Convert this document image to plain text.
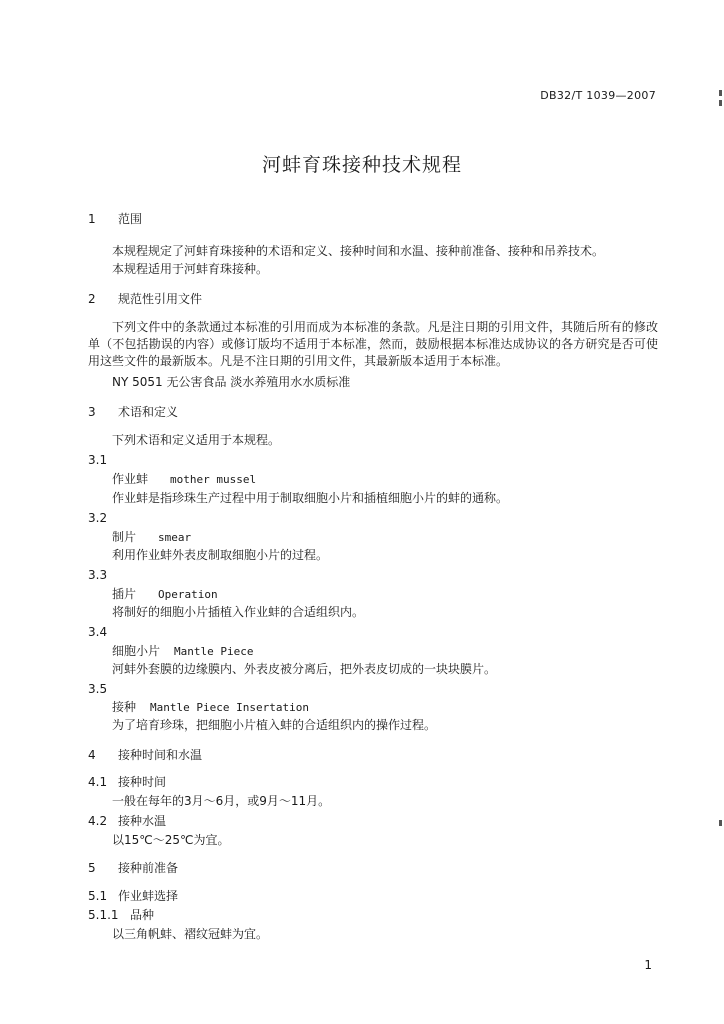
DB32/T 1039—2007
河蚌育珠接种技术规程
1 范围
本规程规定了河蚌育珠接种的术语和定义、接种时间和水温、接种前准备、接种和吊养技术。
本规程适用于河蚌育珠接种。
2 规范性引用文件
下列文件中的条款通过本标准的引用而成为本标准的条款。凡是注日期的引用文件，其随后所有的修改单（不包括勘误的内容）或修订版均不适用于本标准，然而，鼓励根据本标准达成协议的各方研究是否可使用这些文件的最新版本。凡是不注日期的引用文件，其最新版本适用于本标准。
NY 5051 无公害食品 淡水养殖用水水质标准
3 术语和定义
下列术语和定义适用于本规程。
3.1
作业蚌 mother mussel
作业蚌是指珍珠生产过程中用于制取细胞小片和插植细胞小片的蚌的通称。
3.2
制片 smear
利用作业蚌外表皮制取细胞小片的过程。
3.3
插片 Operation
将制好的细胞小片插植入作业蚌的合适组织内。
3.4
细胞小片 Mantle Piece
河蚌外套膜的边缘膜内、外表皮被分离后，把外表皮切成的一块块膜片。
3.5
接种 Mantle Piece Insertation
为了培育珍珠，把细胞小片植入蚌的合适组织内的操作过程。
4 接种时间和水温
4.1 接种时间
一般在每年的3月～6月，或9月～11月。
4.2 接种水温
以15℃～25℃为宜。
5 接种前准备
5.1 作业蚌选择
5.1.1 品种
以三角帆蚌、褶纹冠蚌为宜。
1
